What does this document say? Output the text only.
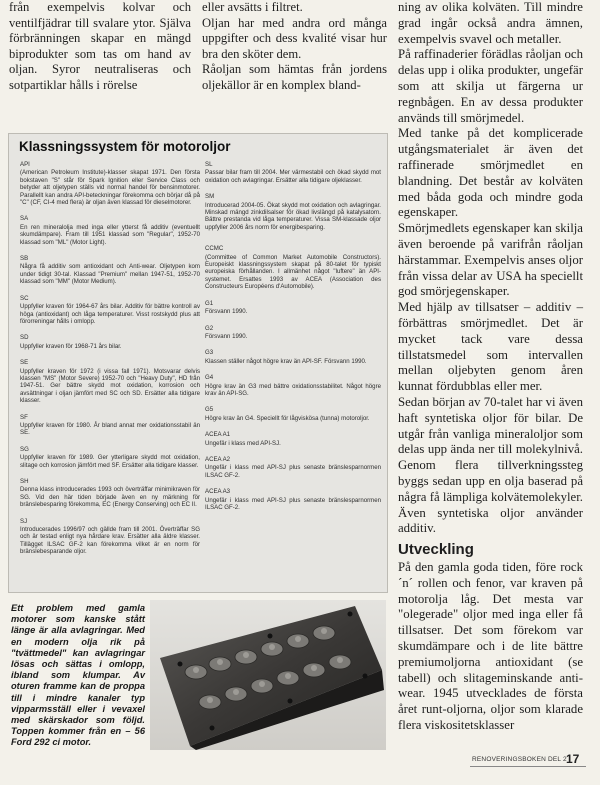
från exempelvis kolvar och ventilfjädrar till svalare ytor. Själva förbränningen skapar en mängd biprodukter som tas om hand av oljan. Syror neutraliseras och sotpartiklar hålls i rörelse

eller avsätts i filtret.

Oljan har med andra ord många uppgifter och dess kvalité visar hur bra den sköter dem.

Råoljan som hämtas från jordens oljekällor är en komplex bland-

Klassningssystem för motoroljor
API
(American Petroleum Institute)-klasser skapat 1971. Den första bokstaven "S" står för Spark Ignition eller Service Class och betyder att oljetypen ställs vid normal handel för bensinmotorer. Parallellt kan andra API-beteckningar förekomma och börjar då på "C" (CF, CI-4 med flera) är oljan även klassad för dieselmotorer.
SA
En ren mineralolja med inga eller ytterst få additiv (eventuellt skumdämpare). Fram till 1951 klassad som "Regular", 1952-70 klassad som "ML" (Motor Light).
SB
Några få additiv som antioxidant och Anti-wear. Oljetypen kom under tidigt 30-tal. Klassad "Premium" mellan 1947-51, 1952-70 klassad som "MM" (Motor Medium).
SC
Uppfyller kraven för 1964-67 års bilar. Additiv för bättre kontroll av höga (antioxidant) och låga temperaturer. Visst rostskydd plus att förorreningar hålls i omlopp.
SD
Uppfyller kraven för 1968-71 års bilar.
SE
Uppfyller kraven för 1972 (i vissa fall 1971). Motsvarar delvis klassen "MS" (Motor Severe) 1952-70 och "Heavy Duty", HD från 1947-51. Ger bättre skydd mot oxidation, korrosion och avsättningar i oljan jämfört med SC och SD. Ersätter alla tidigare klasser.
SF
Uppfyller kraven för 1980. År bland annat mer oxidationsstabil än SE.
SG
Uppfyller kraven för 1989. Ger ytterligare skydd mot oxidation, slitage och korrosion jämfört med SF. Ersätter alla tidigare klasser.
SH
Denna klass introducerades 1993 och överträffar minimikraven för SG. Vid den här tiden började även en ny märkning för bränslebesparing förekomma, EC (Energy Conserving) och EC II.
SJ
Introducerades 1996/97 och gällde fram till 2001. Överträffar SG och är testad enligt nya hårdare krav. Ersätter alla äldre klasser. Tillägget ILSAC GF-2 kan förekomma vilket är en norm för bränslebesparande oljor.
SL
Passar bilar fram till 2004. Mer värmestabil och ökad skydd mot oxidation och avlagringar. Ersätter alla tidigare oljeklasser.
SM
Introducerad 2004-05. Ökat skydd mot oxidation och avlagringar. Minskad mängd zinkdilsalser för ökad livslängd på katalysatorn. Bättre prestanda vid låga temperaturer. Vissa SM-klassade oljor uppfyller 2006 års norm för energibesparing.
CCMC
(Committee of Common Market Automobile Constructors). Europeiskt klassningssystem skapat på 80-talet för typiskt europeiska förhållanden. I allmänhet något "luftere" än API-systemet. Ersattes 1993 av ACEA (Association des Constructeurs Européens d'Automobile).
G1
Försvann 1990.
G2
Försvann 1990.
G3
Klassen ställer något högre krav än API-SF. Försvann 1990.
G4
Högre krav än G3 med bättre oxidationsstabilitet. Något högre krav än API-SG.
G5
Högre krav än G4. Speciellt för lågviskösa (tunna) motoroljor.
ACEA A1
Ungefär i klass med API-SJ.
ACEA A2
Ungefär i klass med API-SJ plus senaste bränslesparnormen ILSAC GF-2.
ACEA A3
Ungefär i klass med API-SJ plus senaste bränslesparnormen ILSAC GF-2.

Ett problem med gamla motorer som kanske stått länge är alla avlagringar. Med en modern olja rik på "tvättmedel" kan avlagringar lösas och sättas i omlopp, ibland som klumpar. Av oturen framme kan de proppa till i mindre kanaler typ vipparmsställ eller i vevaxel med skärskador som följd. Toppen kommer från en – 56 Ford 292 ci motor.

ning av olika kolväten. Till mindre grad ingår också andra ämnen, exempelvis svavel och metaller.

På raffinaderier förädlas råoljan och delas upp i olika produkter, ungefär som att skilja ut färgerna ur regnbågen. En av dessa produkter används till smörjmedel.

Med tanke på det komplicerade utgångsmaterialet är även det raffinerade smörjmedlet en blandning. Det består av kolväten med båda goda och mindre goda egenskaper.

Smörjmedlets egenskaper kan skilja även beroende på varifrån råoljan härstammar. Exempelvis anses oljor från vissa delar av USA ha speciellt god smörjegenskaper.

Med hjälp av tillsatser – additiv – förbättras smörjmedlet. Det är mycket tack vare dessa tillstatsmedel som intervallen mellan oljebyten genom åren kunnat fördubblas eller mer.

Sedan början av 70-talet har vi även haft syntetiska oljor för bilar. De utgår från vanliga mineraloljor som delas upp ända ner till molekylnivå. Genom flera tillverkningssteg byggs sedan upp en olja baserad på några få lämpliga kolvätemolekyler. Även syntetiska oljor använder additiv.

Utveckling

På den gamla goda tiden, före rock ´n´ rollen och fenor, var kraven på motorolja låg. Det mesta var "olegerade" oljor med inga eller få tillsatser. Det som förekom var skumdämpare och i de lite bättre premiumoljorna antioxidant (se tabell) och slitageminskande anti-wear. 1945 utvecklades de första året runt-oljorna, oljor som klarade flera viskositetsklasser

RENOVERINGSBOKEN DEL 2 17
